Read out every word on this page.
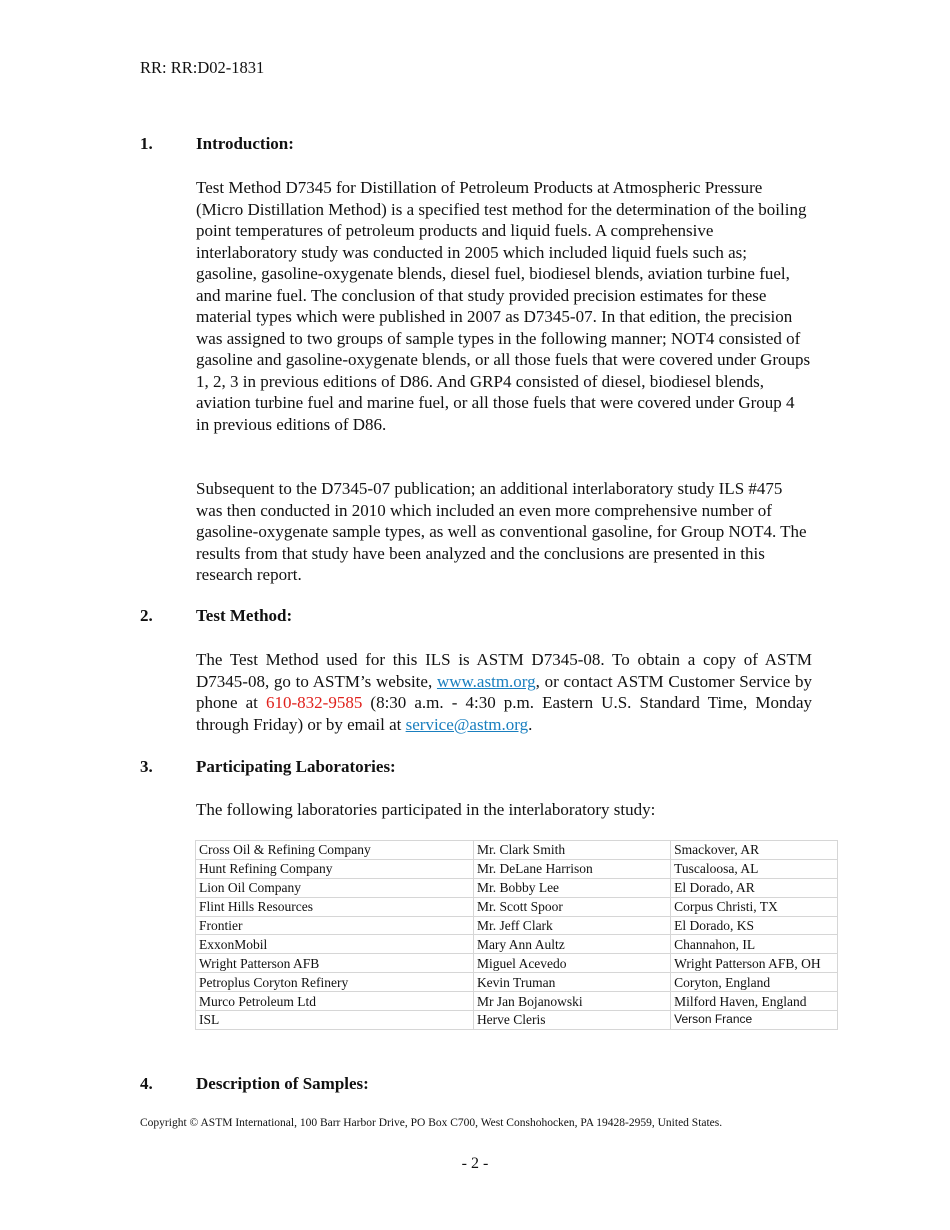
RR: RR:D02-1831
1.	Introduction:

Test Method D7345 for Distillation of Petroleum Products at Atmospheric Pressure (Micro Distillation Method) is a specified test method for the determination of the boiling point temperatures of petroleum products and liquid fuels. A comprehensive interlaboratory study was conducted in 2005 which included liquid fuels such as; gasoline, gasoline-oxygenate blends, diesel fuel, biodiesel blends, aviation turbine fuel, and marine fuel. The conclusion of that study provided precision estimates for these material types which were published in 2007 as D7345-07. In that edition, the precision was assigned to two groups of sample types in the following manner; NOT4 consisted of gasoline and gasoline-oxygenate blends, or all those fuels that were covered under Groups 1, 2, 3 in previous editions of D86. And GRP4 consisted of diesel, biodiesel blends, aviation turbine fuel and marine fuel, or all those fuels that were covered under Group 4 in previous editions of D86.

Subsequent to the D7345-07 publication; an additional interlaboratory study ILS #475 was then conducted in 2010 which included an even more comprehensive number of gasoline-oxygenate sample types, as well as conventional gasoline, for Group NOT4. The results from that study have been analyzed and the conclusions are presented in this research report.

2.	Test Method:

The Test Method used for this ILS is ASTM D7345-08. To obtain a copy of ASTM D7345-08, go to ASTM’s website, www.astm.org, or contact ASTM Customer Service by phone at 610-832-9585 (8:30 a.m. - 4:30 p.m. Eastern U.S. Standard Time, Monday through Friday) or by email at service@astm.org.

3.	Participating Laboratories:

The following laboratories participated in the interlaboratory study:

Cross Oil & Refining Company	Mr. Clark Smith	Smackover, AR
Hunt Refining Company	Mr. DeLane Harrison	Tuscaloosa, AL
Lion Oil Company	Mr. Bobby Lee	El Dorado, AR
Flint Hills Resources	Mr. Scott Spoor	Corpus Christi, TX
Frontier	Mr. Jeff Clark	El Dorado, KS
ExxonMobil	Mary Ann Aultz	Channahon, IL
Wright Patterson AFB	Miguel Acevedo	Wright Patterson AFB, OH
Petroplus Coryton Refinery	Kevin Truman	Coryton, England
Murco Petroleum Ltd	Mr Jan Bojanowski	Milford Haven, England
ISL	Herve Cleris	Verson France
4.	Description of Samples:
Copyright © ASTM International, 100 Barr Harbor Drive, PO Box C700, West Conshohocken, PA 19428-2959, United States.
- 2 -
